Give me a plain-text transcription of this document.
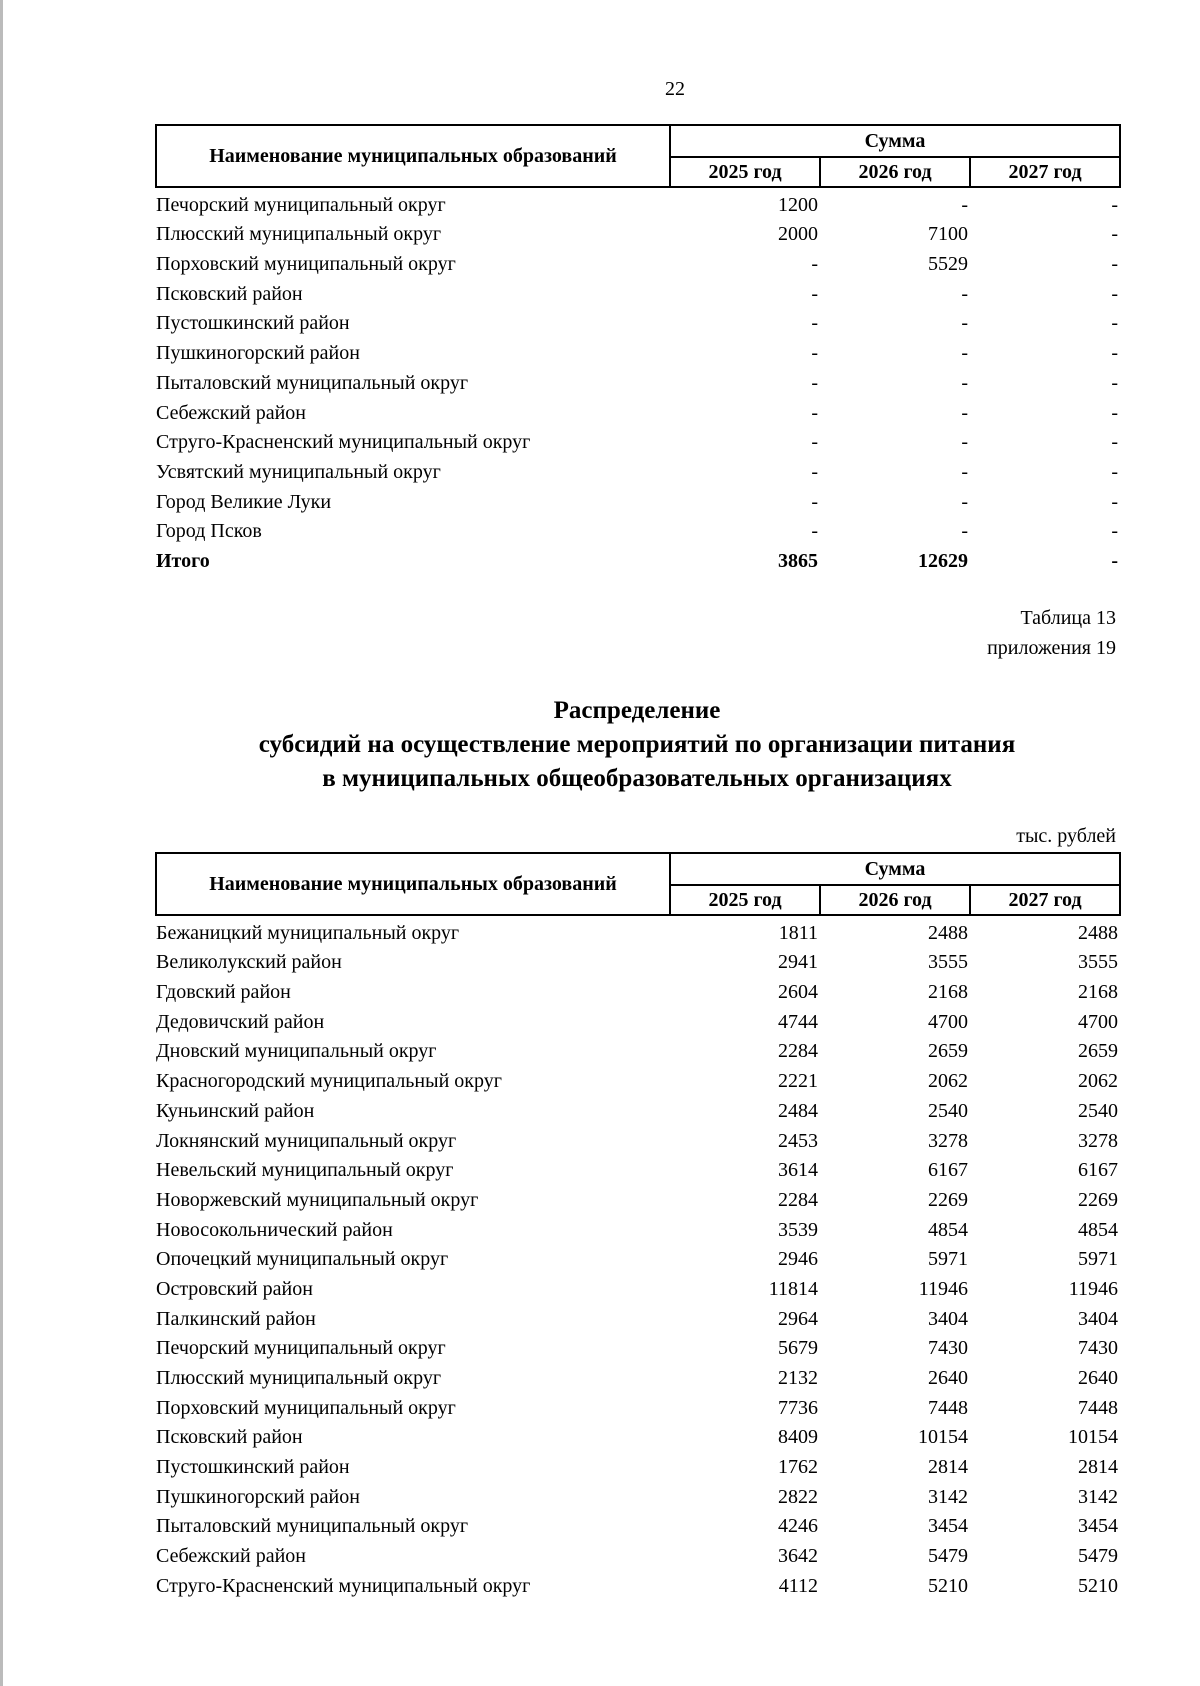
22
Наименование муниципальных образований	Сумма		
	2025 год	2026 год	2027 год
Печорский муниципальный округ	1200	-	-
Плюсский муниципальный округ	2000	7100	-
Порховский муниципальный округ	-	5529	-
Псковский район	-	-	-
Пустошкинский район	-	-	-
Пушкиногорский район	-	-	-
Пыталовский муниципальный округ	-	-	-
Себежский район	-	-	-
Струго-Красненский муниципальный округ	-	-	-
Усвятский муниципальный округ	-	-	-
Город Великие Луки	-	-	-
Город Псков	-	-	-
Итого	3865	12629	-
Таблица 13
приложения 19
Распределение
субсидий на осуществление мероприятий по организации питания
в муниципальных общеобразовательных организациях
тыс. рублей
Наименование муниципальных образований	Сумма		
	2025 год	2026 год	2027 год
Бежаницкий муниципальный округ	1811	2488	2488
Великолукский район	2941	3555	3555
Гдовский район	2604	2168	2168
Дедовичский район	4744	4700	4700
Дновский муниципальный округ	2284	2659	2659
Красногородский муниципальный округ	2221	2062	2062
Куньинский район	2484	2540	2540
Локнянский муниципальный округ	2453	3278	3278
Невельский муниципальный округ	3614	6167	6167
Новоржевский муниципальный округ	2284	2269	2269
Новосокольнический район	3539	4854	4854
Опочецкий муниципальный округ	2946	5971	5971
Островский район	11814	11946	11946
Палкинский район	2964	3404	3404
Печорский муниципальный округ	5679	7430	7430
Плюсский муниципальный округ	2132	2640	2640
Порховский муниципальный округ	7736	7448	7448
Псковский район	8409	10154	10154
Пустошкинский район	1762	2814	2814
Пушкиногорский район	2822	3142	3142
Пыталовский муниципальный округ	4246	3454	3454
Себежский район	3642	5479	5479
Струго-Красненский муниципальный округ	4112	5210	5210
